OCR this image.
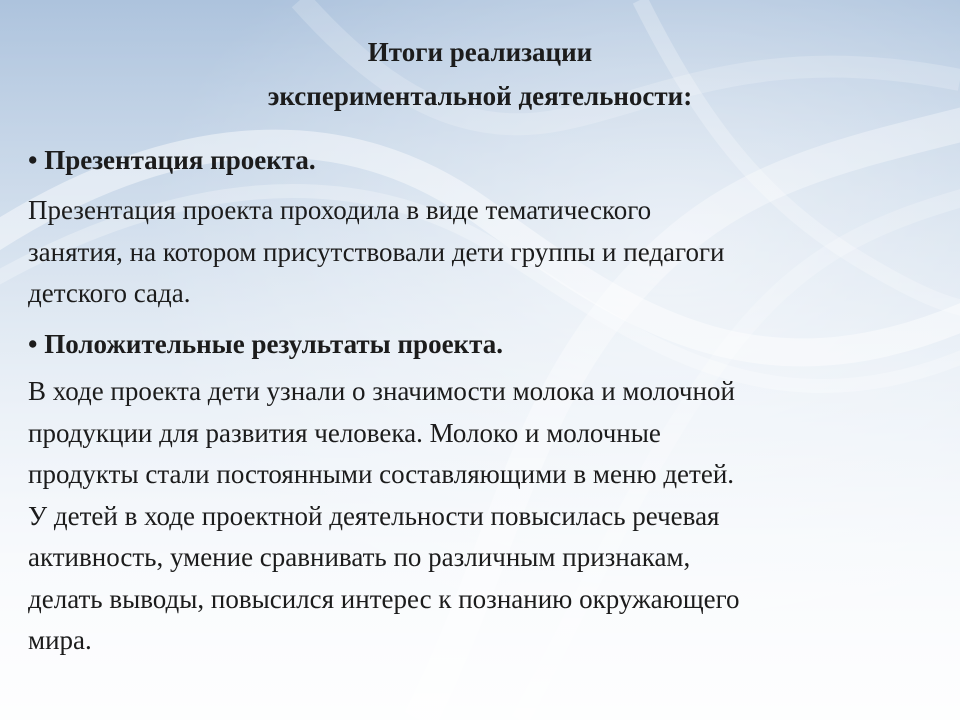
Итоги реализации
экспериментальной деятельности:
• Презентация проекта.
Презентация проекта проходила в виде тематического
занятия, на котором присутствовали дети группы и педагоги
детского сада.
• Положительные результаты проекта.
В ходе проекта дети узнали о значимости молока и молочной
продукции для развития человека. Молоко и молочные
продукты стали постоянными составляющими в меню детей.
У детей в ходе проектной деятельности повысилась речевая
активность, умение сравнивать по различным признакам,
делать выводы, повысился интерес к познанию окружающего
мира.
